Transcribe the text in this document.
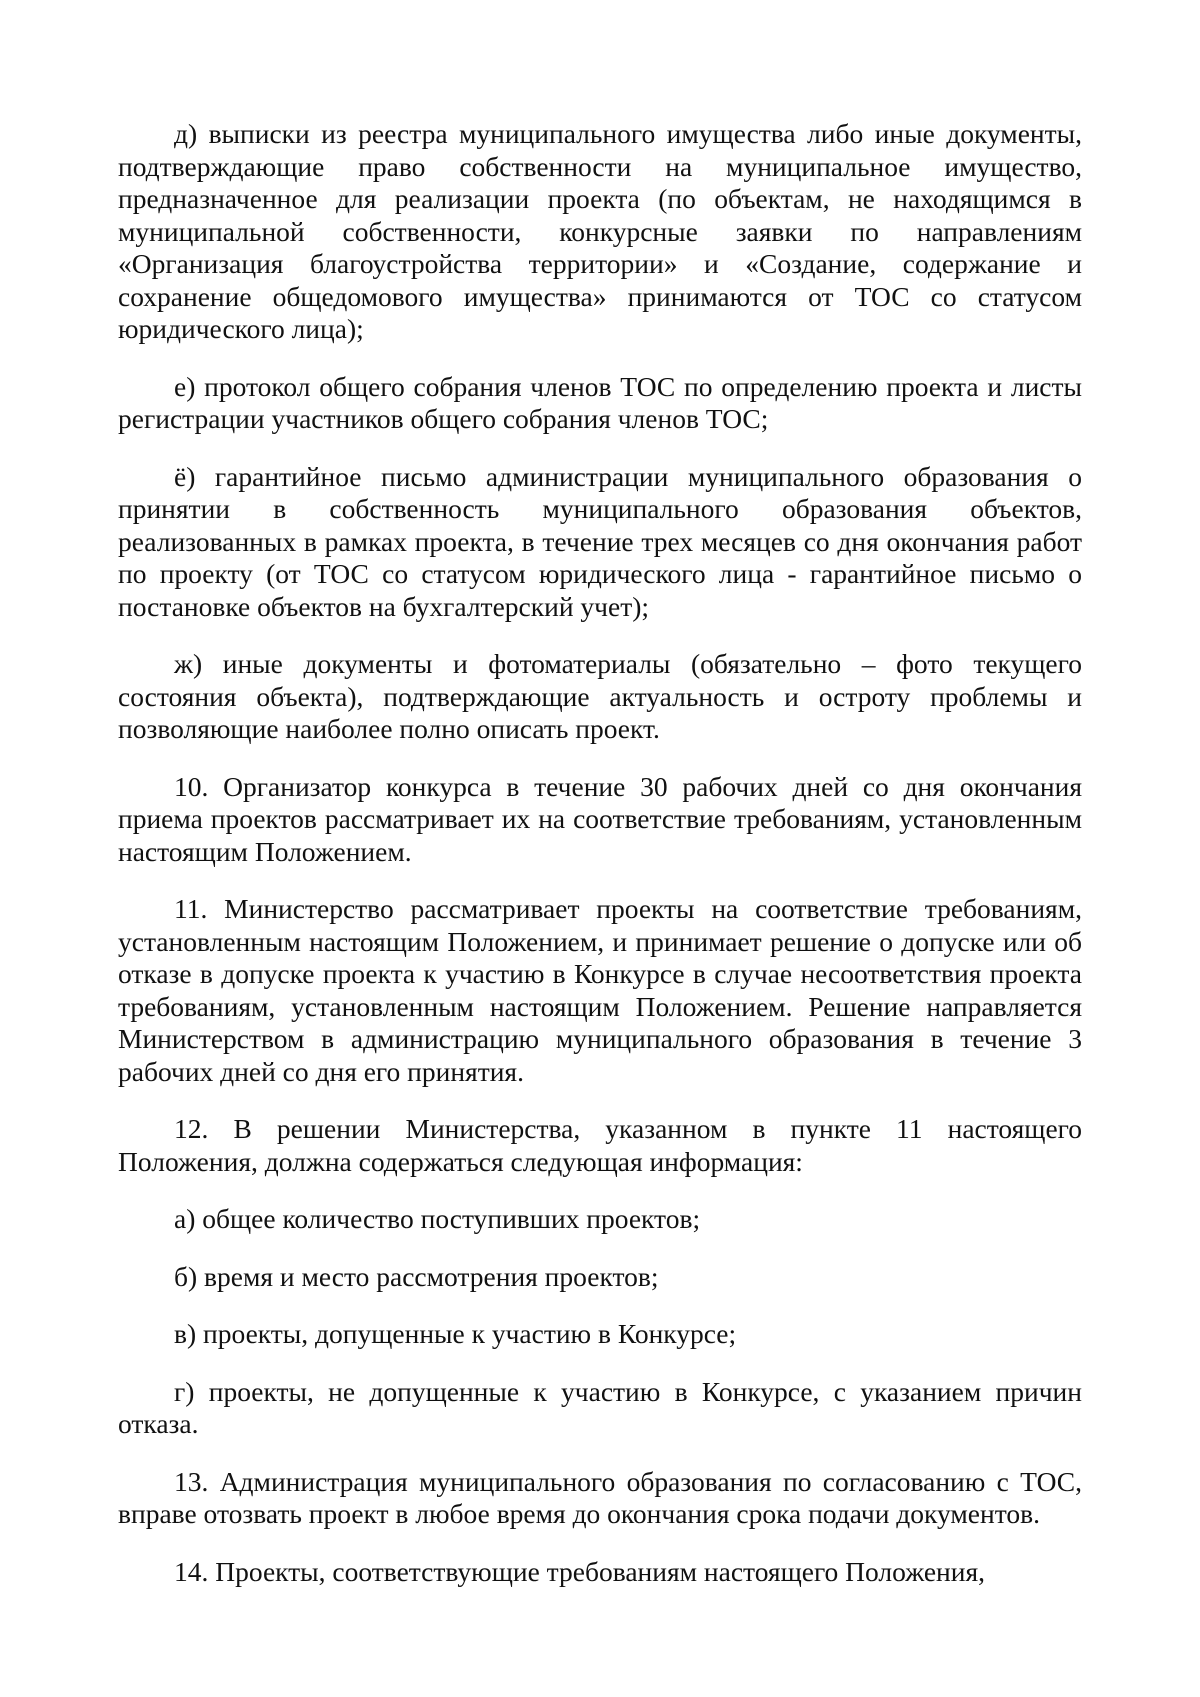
д) выписки из реестра муниципального имущества либо иные документы, подтверждающие право собственности на муниципальное имущество, предназначенное для реализации проекта (по объектам, не находящимся в муниципальной собственности, конкурсные заявки по направлениям «Организация благоустройства территории» и «Создание, содержание и сохранение общедомового имущества» принимаются от ТОС со статусом юридического лица);

е) протокол общего собрания членов ТОС по определению проекта и листы регистрации участников общего собрания членов ТОС;

ё) гарантийное письмо администрации муниципального образования о принятии в собственность муниципального образования объектов, реализованных в рамках проекта, в течение трех месяцев со дня окончания работ по проекту (от ТОС со статусом юридического лица - гарантийное письмо о постановке объектов на бухгалтерский учет);

ж) иные документы и фотоматериалы (обязательно – фото текущего состояния объекта), подтверждающие актуальность и остроту проблемы и позволяющие наиболее полно описать проект.

10. Организатор конкурса в течение 30 рабочих дней со дня окончания приема проектов рассматривает их на соответствие требованиям, установленным настоящим Положением.

11. Министерство рассматривает проекты на соответствие требованиям, установленным настоящим Положением, и принимает решение о допуске или об отказе в допуске проекта к участию в Конкурсе в случае несоответствия проекта требованиям, установленным настоящим Положением. Решение направляется Министерством в администрацию муниципального образования в течение 3 рабочих дней со дня его принятия.

12. В решении Министерства, указанном в пункте 11 настоящего Положения, должна содержаться следующая информация:

а) общее количество поступивших проектов;

б) время и место рассмотрения проектов;

в) проекты, допущенные к участию в Конкурсе;

г) проекты, не допущенные к участию в Конкурсе, с указанием причин отказа.

13. Администрация муниципального образования по согласованию с ТОС, вправе отозвать проект в любое время до окончания срока подачи документов.

14. Проекты, соответствующие требованиям настоящего Положения,
